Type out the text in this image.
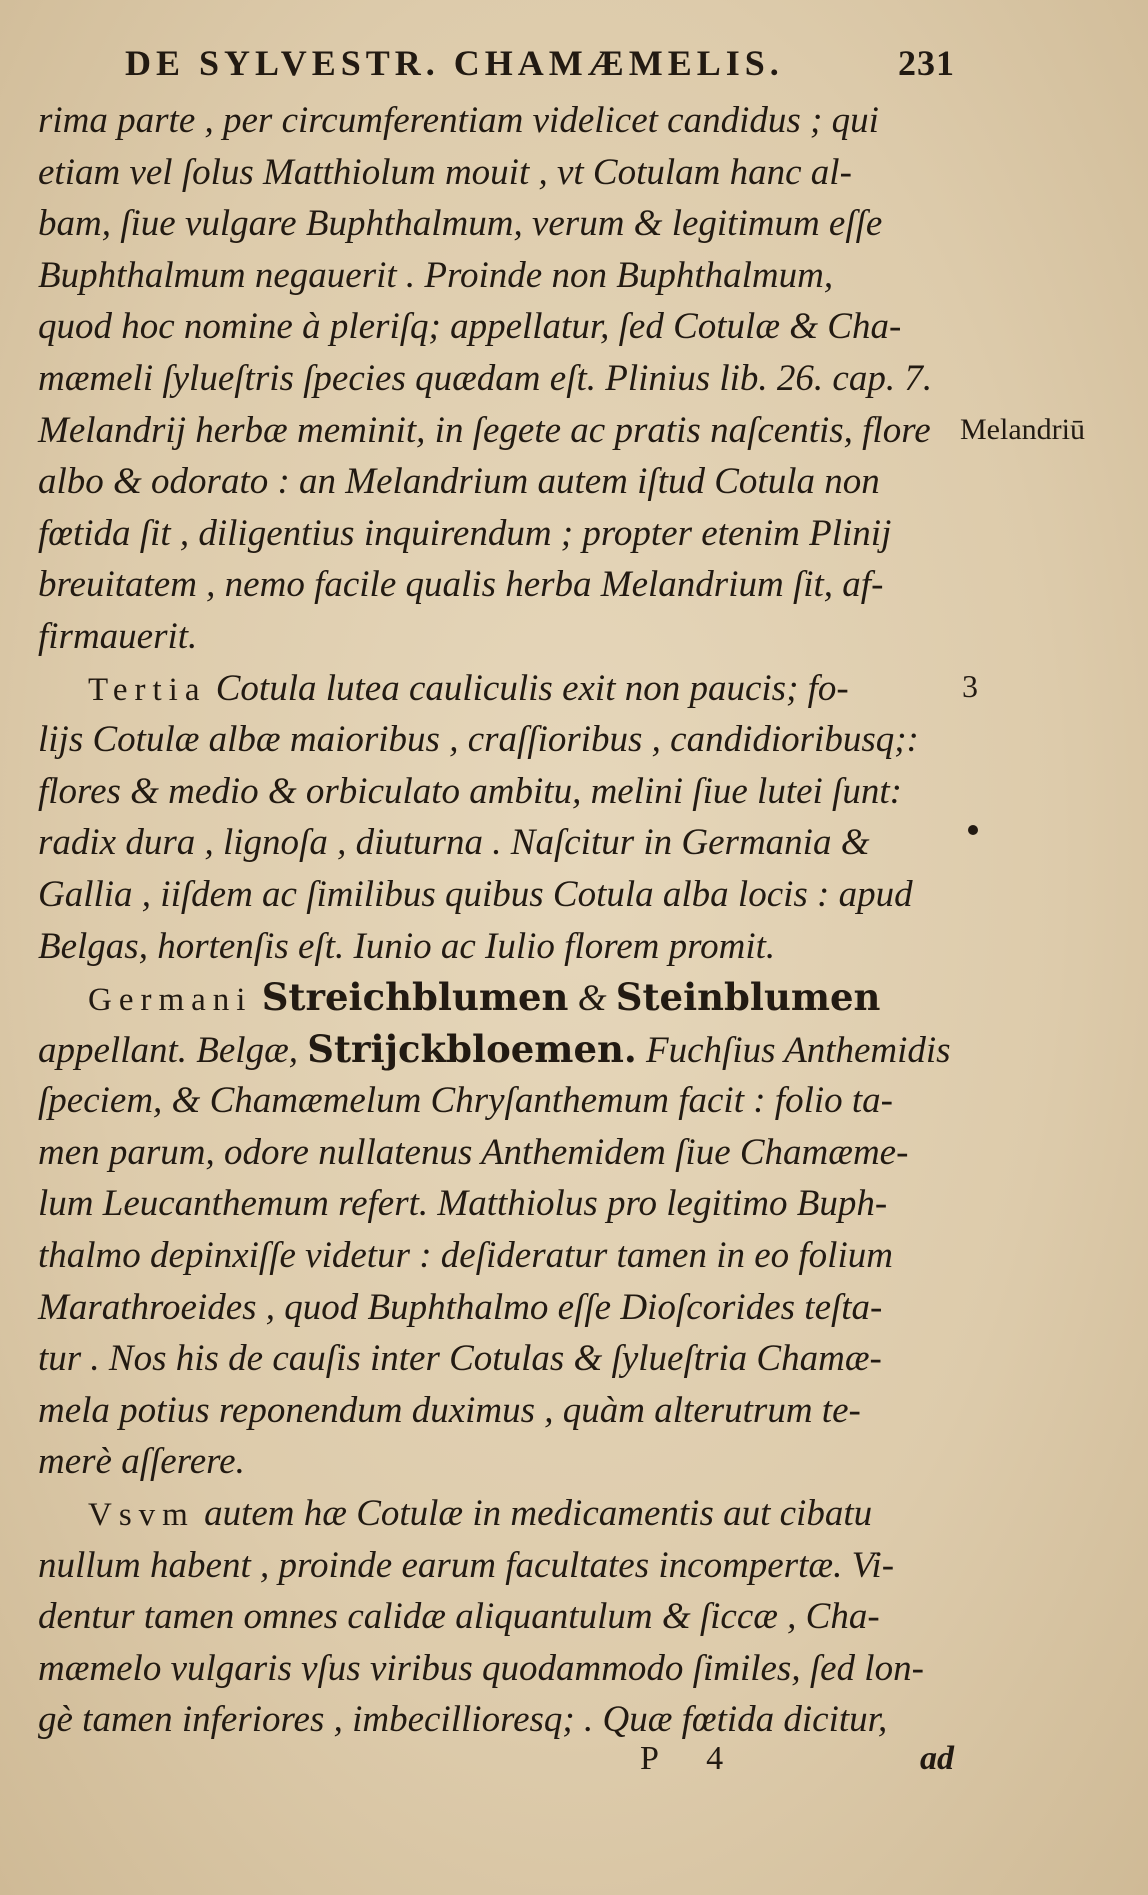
DE SYLVESTR. CHAMÆMELIS.	231
rima parte , per circumferentiam videlicet candidus ; qui
etiam vel ſolus Matthiolum mouit , vt Cotulam hanc al-
bam, ſiue vulgare Buphthalmum, verum & legitimum eſſe
Buphthalmum negauerit . Proinde non Buphthalmum,
quod hoc nomine à pleriſq; appellatur, ſed Cotulæ & Cha-
mæmeli ſylueſtris ſpecies quædam eſt. Plinius lib. 26. cap. 7.
Melandrij herbæ meminit, in ſegete ac pratis naſcentis, flore
albo & odorato : an Melandrium autem iſtud Cotula non
fœtida ſit , diligentius inquirendum ; propter etenim Plinij
breuitatem , nemo facile qualis herba Melandrium ſit, af-
firmauerit.
Tertia Cotula lutea cauliculis exit non paucis; fo-
lijs Cotulæ albæ maioribus , craſſioribus , candidioribusq;:
flores & medio & orbiculato ambitu, melini ſiue lutei ſunt:
radix dura , lignoſa , diuturna . Naſcitur in Germania &
Gallia , iiſdem ac ſimilibus quibus Cotula alba locis : apud
Belgas, hortenſis eſt. Iunio ac Iulio florem promit.
Germani Streichblumen & Steinblumen
appellant. Belgæ, Strijckbloemen. Fuchſius Anthemidis
ſpeciem, & Chamæmelum Chryſanthemum facit : folio ta-
men parum, odore nullatenus Anthemidem ſiue Chamæme-
lum Leucanthemum refert. Matthiolus pro legitimo Buph-
thalmo depinxiſſe videtur : deſideratur tamen in eo folium
Marathroeides , quod Buphthalmo eſſe Dioſcorides teſta-
tur . Nos his de cauſis inter Cotulas & ſylueſtria Chamæ-
mela potius reponendum duximus , quàm alterutrum te-
merè aſſerere.
Vsvm autem hæ Cotulæ in medicamentis aut cibatu
nullum habent , proinde earum facultates incompertæ. Vi-
dentur tamen omnes calidæ aliquantulum & ſiccæ , Cha-
mæmelo vulgaris vſus viribus quodammodo ſimiles, ſed lon-
gè tamen inferiores , imbecillioresq; . Quæ fœtida dicitur,
Melandriū
3
P 4	ad
